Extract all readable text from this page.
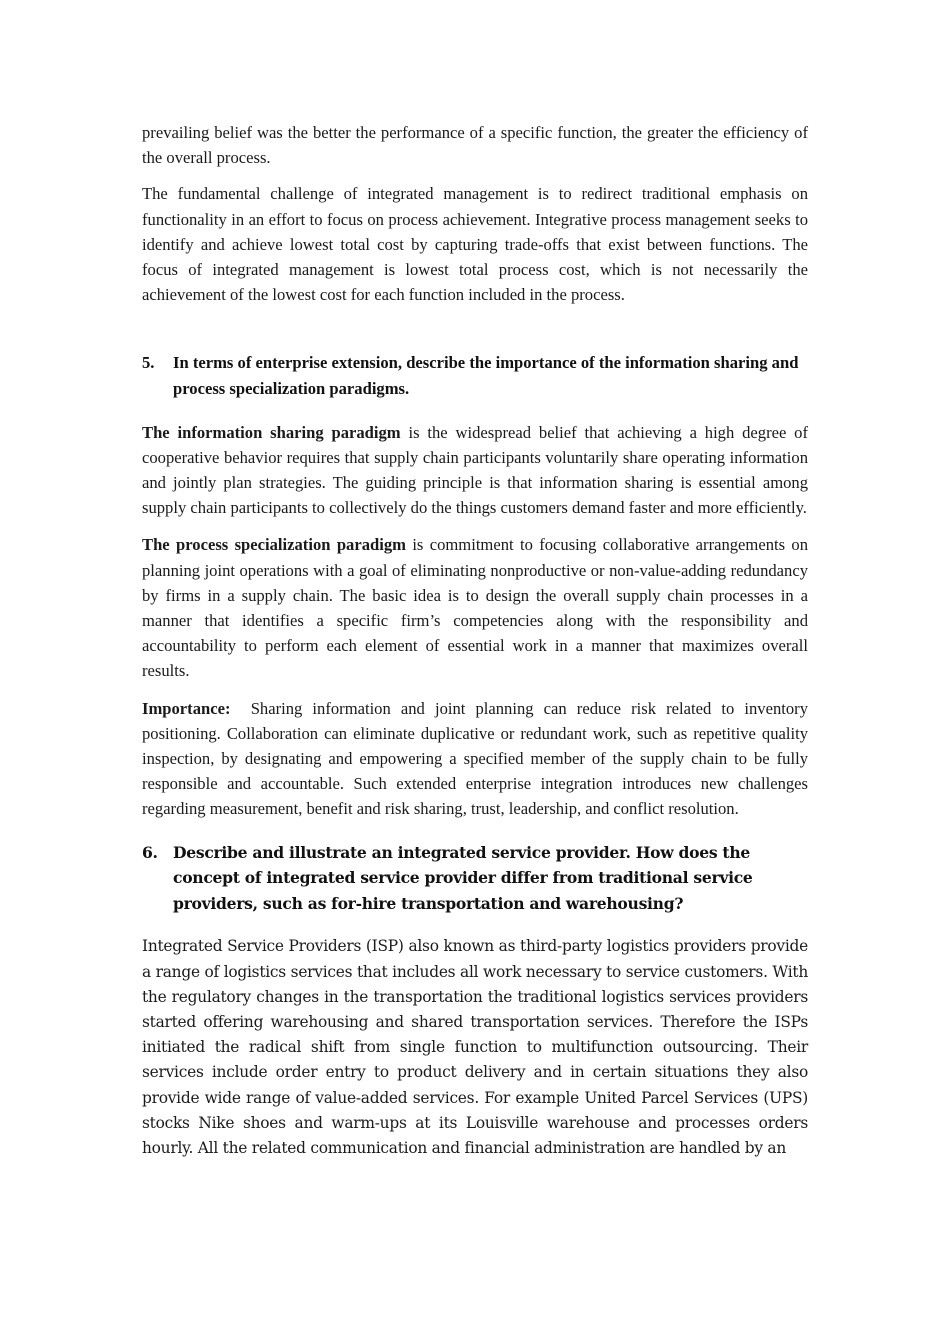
prevailing belief was the better the performance of a specific function, the greater the efficiency of the overall process.

The fundamental challenge of integrated management is to redirect traditional emphasis on functionality in an effort to focus on process achievement. Integrative process management seeks to identify and achieve lowest total cost by capturing trade-offs that exist between functions. The focus of integrated management is lowest total process cost, which is not necessarily the achievement of the lowest cost for each function included in the process.

5. In terms of enterprise extension, describe the importance of the information sharing and process specialization paradigms.

The information sharing paradigm is the widespread belief that achieving a high degree of cooperative behavior requires that supply chain participants voluntarily share operating information and jointly plan strategies. The guiding principle is that information sharing is essential among supply chain participants to collectively do the things customers demand faster and more efficiently.

The process specialization paradigm is commitment to focusing collaborative arrangements on planning joint operations with a goal of eliminating nonproductive or non-value-adding redundancy by firms in a supply chain. The basic idea is to design the overall supply chain processes in a manner that identifies a specific firm’s competencies along with the responsibility and accountability to perform each element of essential work in a manner that maximizes overall results.

Importance: Sharing information and joint planning can reduce risk related to inventory positioning. Collaboration can eliminate duplicative or redundant work, such as repetitive quality inspection, by designating and empowering a specified member of the supply chain to be fully responsible and accountable. Such extended enterprise integration introduces new challenges regarding measurement, benefit and risk sharing, trust, leadership, and conflict resolution.

6. Describe and illustrate an integrated service provider. How does the concept of integrated service provider differ from traditional service providers, such as for-hire transportation and warehousing?

Integrated Service Providers (ISP) also known as third-party logistics providers provide a range of logistics services that includes all work necessary to service customers. With the regulatory changes in the transportation the traditional logistics services providers started offering warehousing and shared transportation services. Therefore the ISPs initiated the radical shift from single function to multifunction outsourcing. Their services include order entry to product delivery and in certain situations they also provide wide range of value-added services. For example United Parcel Services (UPS) stocks Nike shoes and warm-ups at its Louisville warehouse and processes orders hourly. All the related communication and financial administration are handled by an
